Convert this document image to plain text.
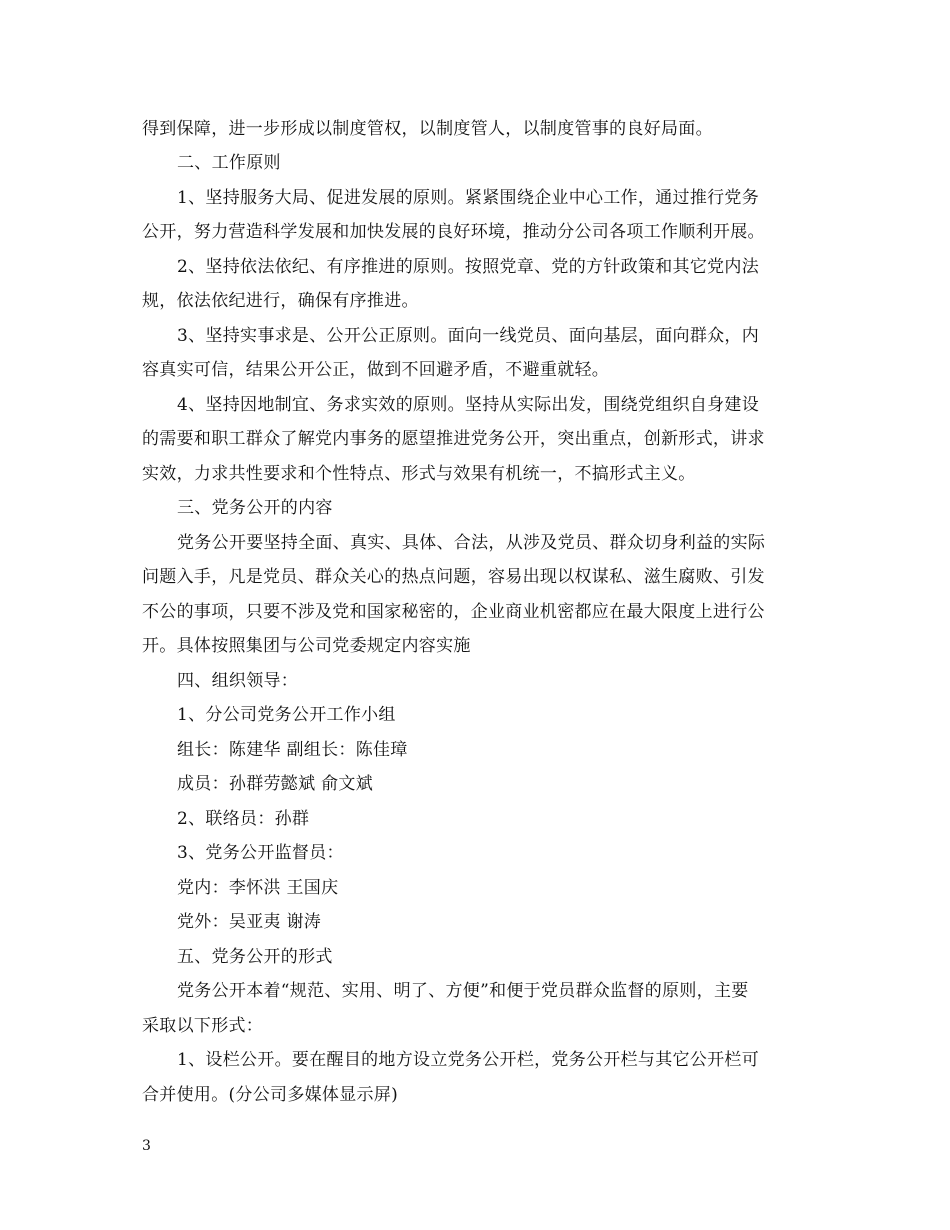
得到保障，进一步形成以制度管权，以制度管人，以制度管事的良好局面。
二、工作原则
1、坚持服务大局、促进发展的原则。紧紧围绕企业中心工作，通过推行党务
公开，努力营造科学发展和加快发展的良好环境，推动分公司各项工作顺利开展。
2、坚持依法依纪、有序推进的原则。按照党章、党的方针政策和其它党内法
规，依法依纪进行，确保有序推进。
3、坚持实事求是、公开公正原则。面向一线党员、面向基层，面向群众，内
容真实可信，结果公开公正，做到不回避矛盾，不避重就轻。
4、坚持因地制宜、务求实效的原则。坚持从实际出发，围绕党组织自身建设
的需要和职工群众了解党内事务的愿望推进党务公开，突出重点，创新形式，讲求
实效，力求共性要求和个性特点、形式与效果有机统一，不搞形式主义。
三、党务公开的内容
党务公开要坚持全面、真实、具体、合法，从涉及党员、群众切身利益的实际
问题入手，凡是党员、群众关心的热点问题，容易出现以权谋私、滋生腐败、引发
不公的事项，只要不涉及党和国家秘密的，企业商业机密都应在最大限度上进行公
开。具体按照集团与公司党委规定内容实施
四、组织领导：
1、分公司党务公开工作小组
组长：陈建华 副组长：陈佳璋
成员：孙群劳懿斌 俞文斌
2、联络员：孙群
3、党务公开监督员：
党内：李怀洪 王国庆
党外：吴亚夷 谢涛
五、党务公开的形式
党务公开本着“规范、实用、明了、方便”和便于党员群众监督的原则，主要
采取以下形式：
1、设栏公开。要在醒目的地方设立党务公开栏，党务公开栏与其它公开栏可
合并使用。(分公司多媒体显示屏)
3
